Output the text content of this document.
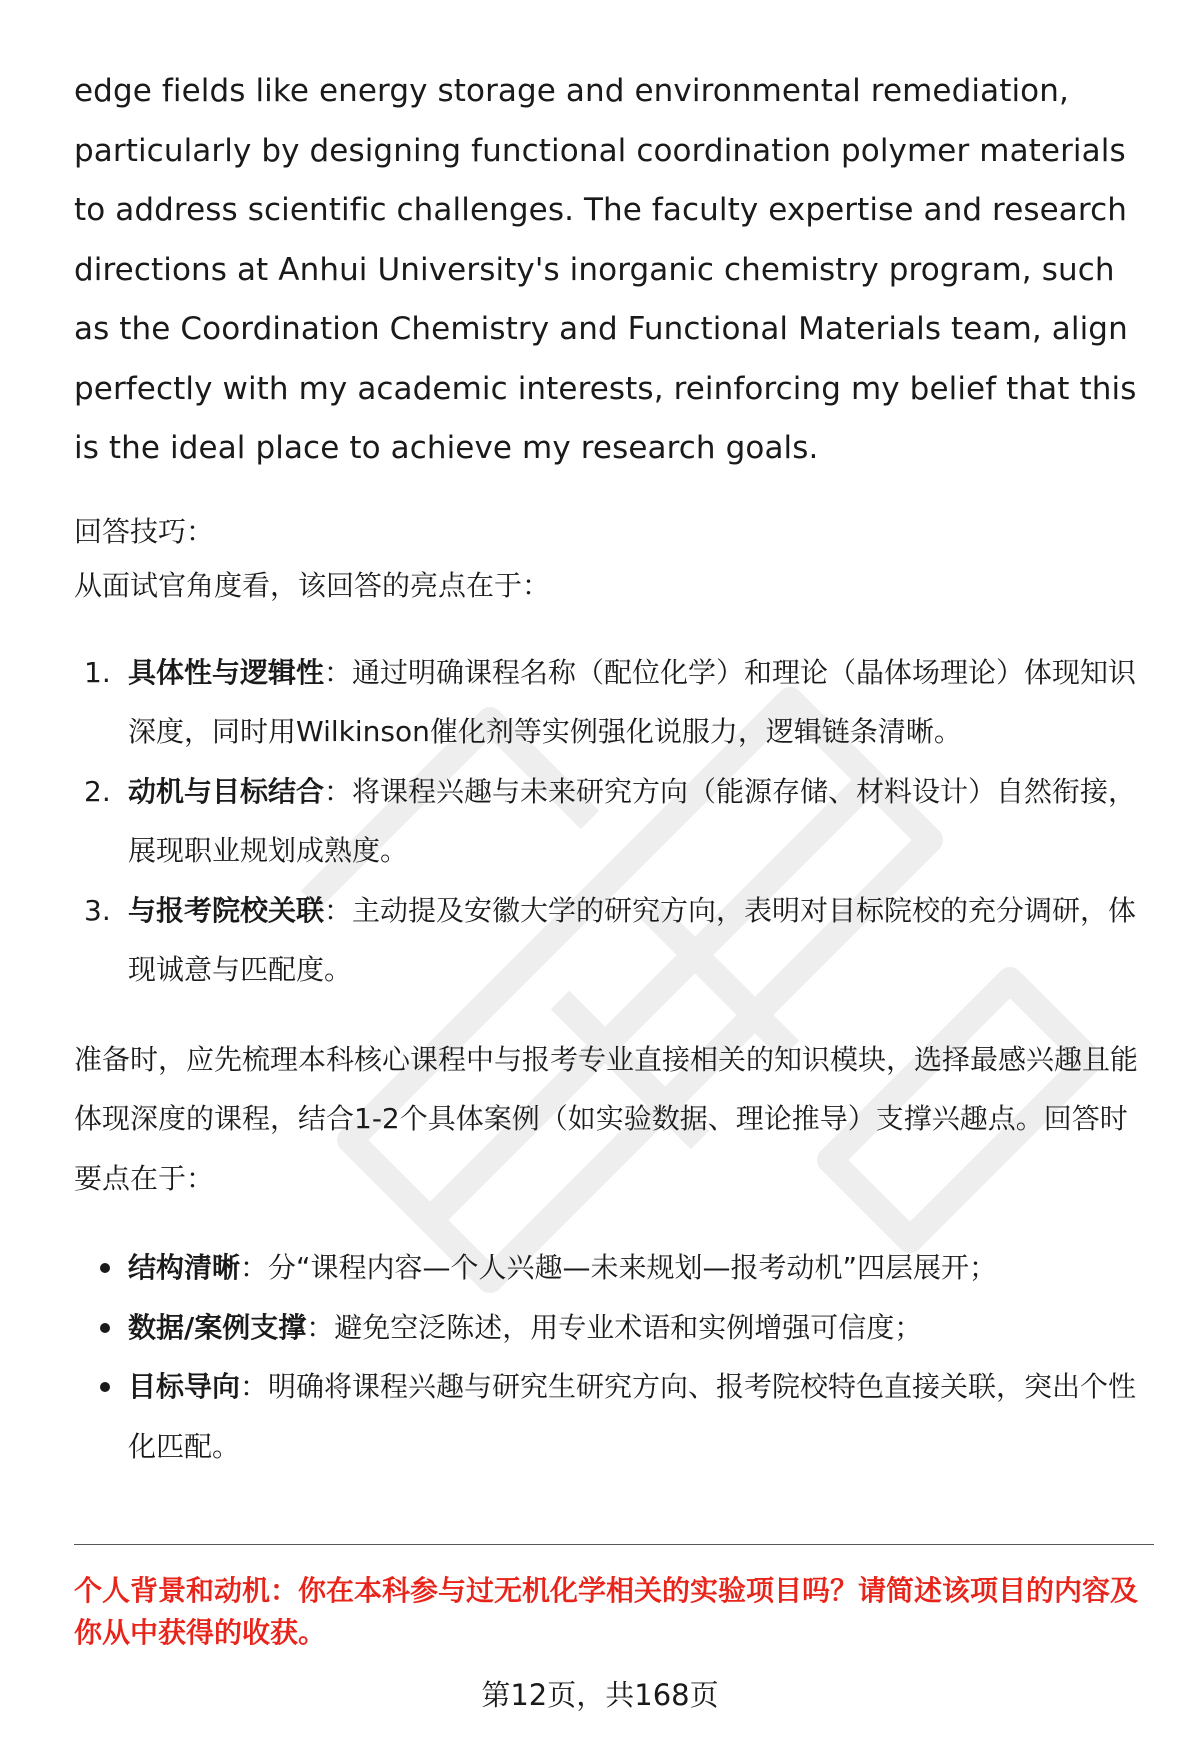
edge fields like energy storage and environmental remediation, particularly by designing functional coordination polymer materials to address scientific challenges. The faculty expertise and research directions at Anhui University's inorganic chemistry program, such as the Coordination Chemistry and Functional Materials team, align perfectly with my academic interests, reinforcing my belief that this is the ideal place to achieve my research goals.

回答技巧：

从面试官角度看，该回答的亮点在于：

1. 具体性与逻辑性：通过明确课程名称（配位化学）和理论（晶体场理论）体现知识深度，同时用Wilkinson催化剂等实例强化说服力，逻辑链条清晰。
2. 动机与目标结合：将课程兴趣与未来研究方向（能源存储、材料设计）自然衔接，展现职业规划成熟度。
3. 与报考院校关联：主动提及安徽大学的研究方向，表明对目标院校的充分调研，体现诚意与匹配度。

准备时，应先梳理本科核心课程中与报考专业直接相关的知识模块，选择最感兴趣且能体现深度的课程，结合1-2个具体案例（如实验数据、理论推导）支撑兴趣点。回答时要点在于：

结构清晰：分“课程内容—个人兴趣—未来规划—报考动机”四层展开；
数据/案例支撑：避免空泛陈述，用专业术语和实例增强可信度；
目标导向：明确将课程兴趣与研究生研究方向、报考院校特色直接关联，突出个性化匹配。
个人背景和动机：你在本科参与过无机化学相关的实验项目吗？请简述该项目的内容及你从中获得的收获。
第12页，共168页
